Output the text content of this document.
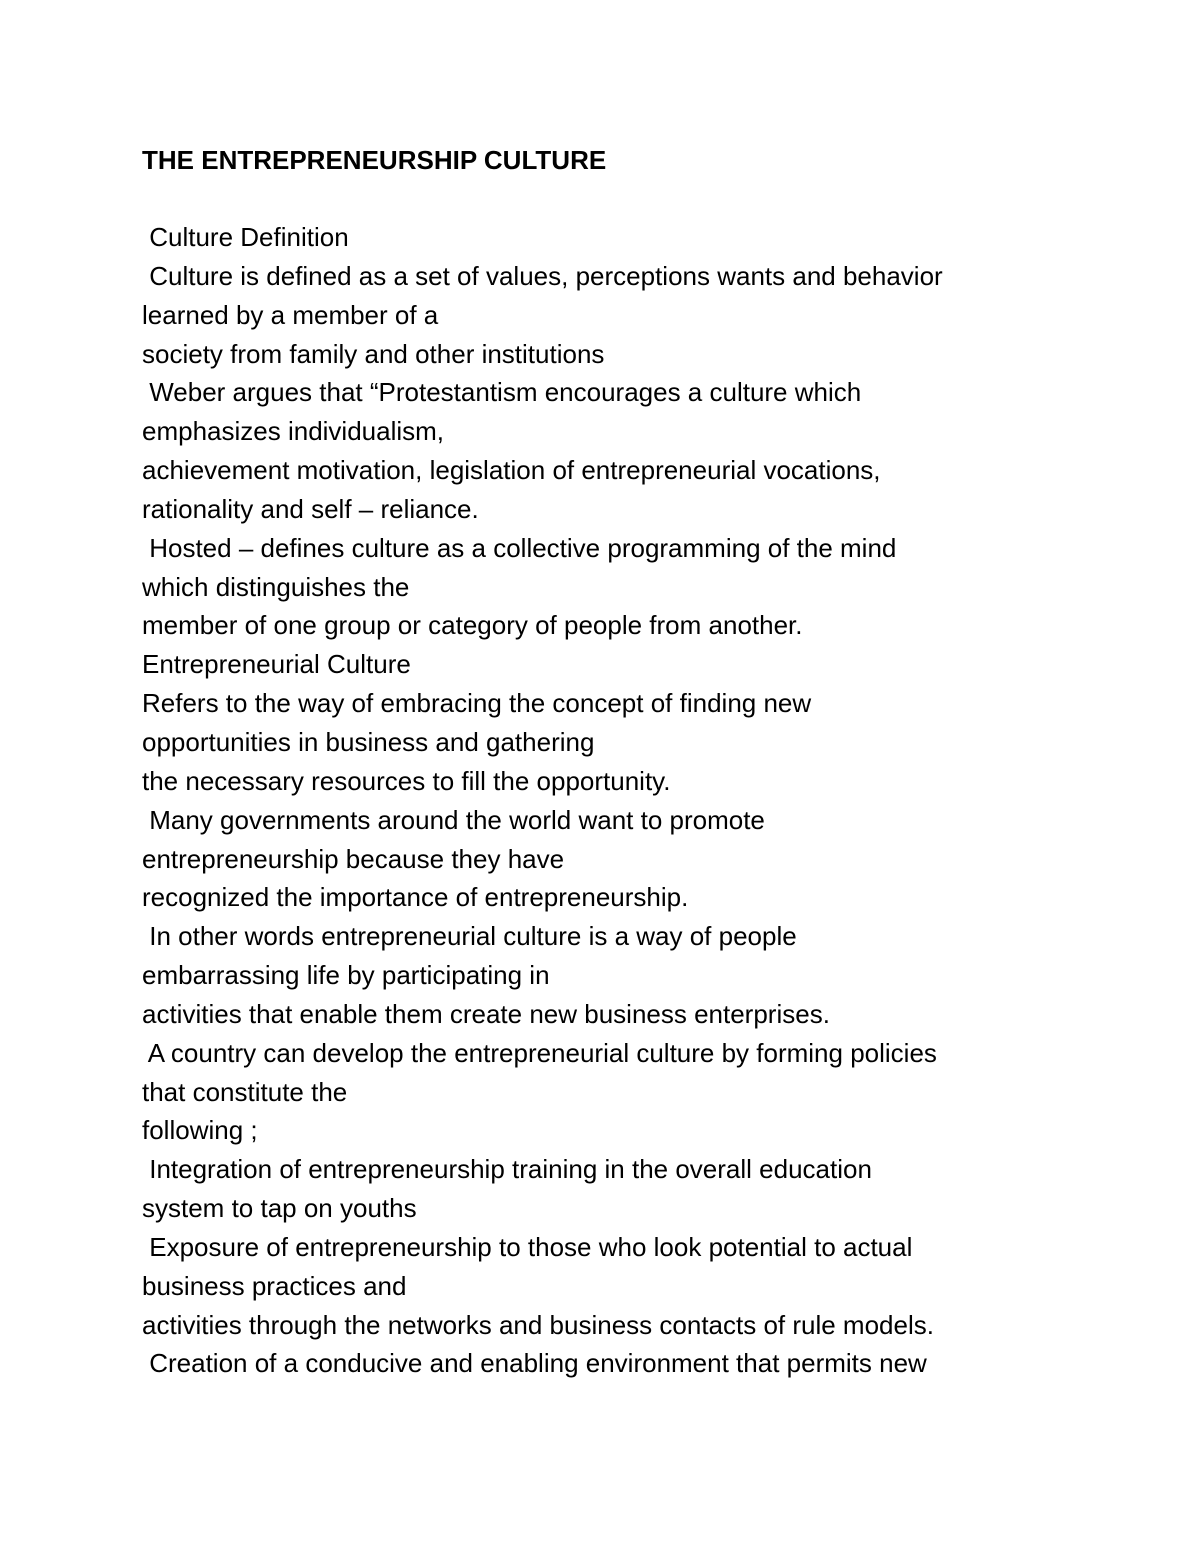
THE ENTREPRENEURSHIP CULTURE
Culture Definition
Culture is defined as a set of values, perceptions wants and behavior
learned by a member of a
society from family and other institutions
Weber argues that “Protestantism encourages a culture which
emphasizes individualism,
achievement motivation, legislation of entrepreneurial vocations,
rationality and self – reliance.
Hosted – defines culture as a collective programming of the mind
which distinguishes the
member of one group or category of people from another.
Entrepreneurial Culture
Refers to the way of embracing the concept of finding new
opportunities in business and gathering
the necessary resources to fill the opportunity.
Many governments around the world want to promote
entrepreneurship because they have
recognized the importance of entrepreneurship.
In other words entrepreneurial culture is a way of people
embarrassing life by participating in
activities that enable them create new business enterprises.
A country can develop the entrepreneurial culture by forming policies
that constitute the
following ;
Integration of entrepreneurship training in the overall education
system to tap on youths
Exposure of entrepreneurship to those who look potential to actual
business practices and
activities through the networks and business contacts of rule models.
Creation of a conducive and enabling environment that permits new
